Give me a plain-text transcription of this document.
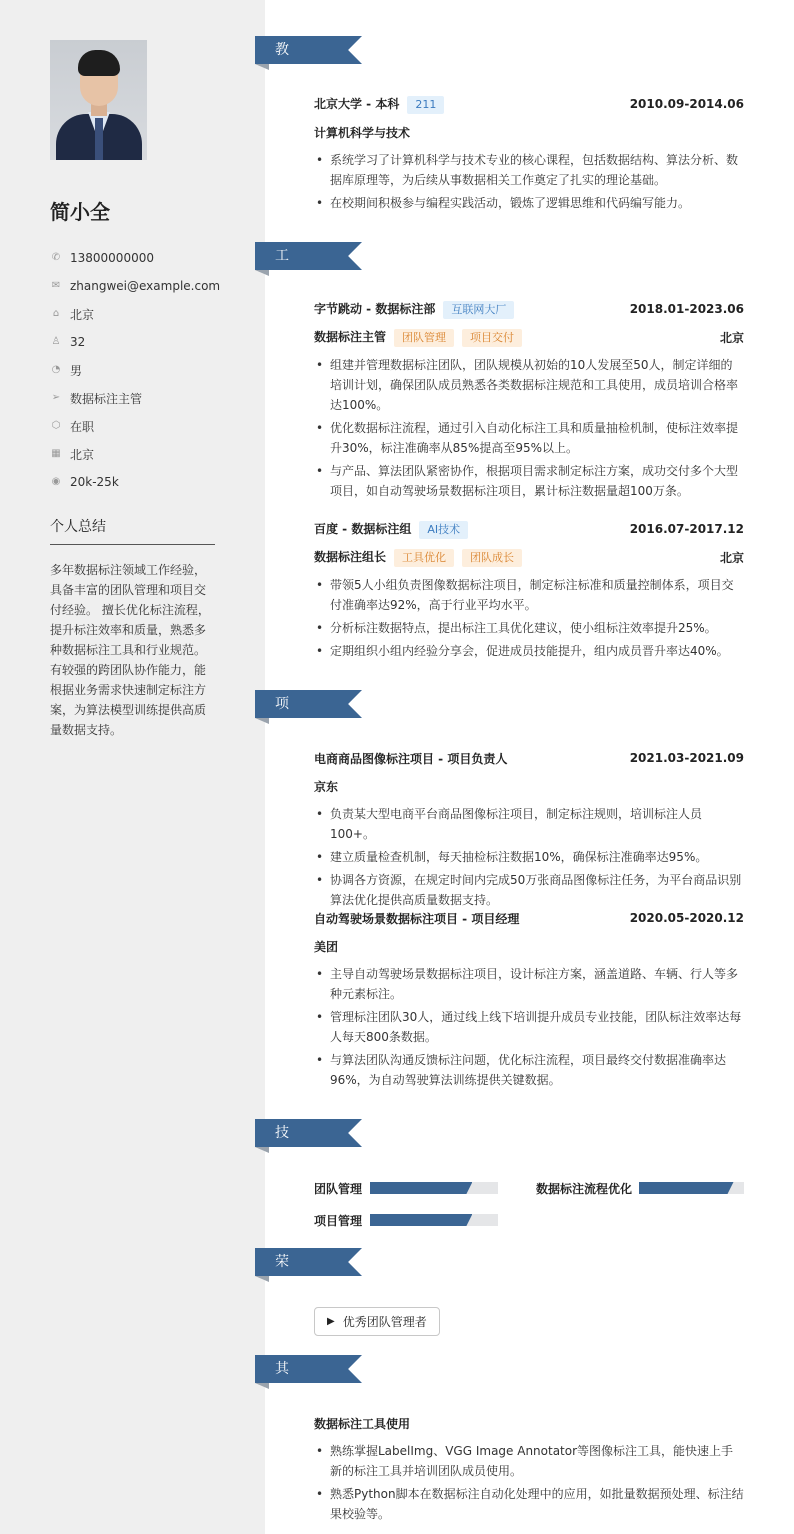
简小全
✆ 13800000000
✉ zhangwei@example.com
⌂ 北京
♙ 32
◔ 男
➢ 数据标注主管
⬡ 在职
▦ 北京
◉ 20k-25k
个人总结
多年数据标注领域工作经验，具备丰富的团队管理和项目交付经验。 擅长优化标注流程，提升标注效率和质量，熟悉多种数据标注工具和行业规范。有较强的跨团队协作能力，能根据业务需求快速制定标注方案，为算法模型训练提供高质量数据支持。
教育经历
北京大学 - 本科 211	2010.09-2014.06
计算机科学与技术
• 系统学习了计算机科学与技术专业的核心课程，包括数据结构、算法分析、数据库原理等，为后续从事数据相关工作奠定了扎实的理论基础。
• 在校期间积极参与编程实践活动，锻炼了逻辑思维和代码编写能力。
工作经历
字节跳动 - 数据标注部 互联网大厂	2018.01-2023.06
数据标注主管 团队管理 项目交付	北京
• 组建并管理数据标注团队，团队规模从初始的10人发展至50人，制定详细的培训计划，确保团队成员熟悉各类数据标注规范和工具使用，成员培训合格率达100%。
• 优化数据标注流程，通过引入自动化标注工具和质量抽检机制，使标注效率提升30%，标注准确率从85%提高至95%以上。
• 与产品、算法团队紧密协作，根据项目需求制定标注方案，成功交付多个大型项目，如自动驾驶场景数据标注项目，累计标注数据量超100万条。
百度 - 数据标注组 AI技术	2016.07-2017.12
数据标注组长 工具优化 团队成长	北京
• 带领5人小组负责图像数据标注项目，制定标注标准和质量控制体系，项目交付准确率达92%，高于行业平均水平。
• 分析标注数据特点，提出标注工具优化建议，使小组标注效率提升25%。
• 定期组织小组内经验分享会，促进成员技能提升，组内成员晋升率达40%。
项目经历
电商商品图像标注项目 - 项目负责人	2021.03-2021.09
京东
• 负责某大型电商平台商品图像标注项目，制定标注规则，培训标注人员100+。
• 建立质量检查机制，每天抽检标注数据10%，确保标注准确率达95%。
• 协调各方资源，在规定时间内完成50万张商品图像标注任务，为平台商品识别算法优化提供高质量数据支持。
自动驾驶场景数据标注项目 - 项目经理	2020.05-2020.12
美团
• 主导自动驾驶场景数据标注项目，设计标注方案，涵盖道路、车辆、行人等多种元素标注。
• 管理标注团队30人，通过线上线下培训提升成员专业技能，团队标注效率达每人每天800条数据。
• 与算法团队沟通反馈标注问题，优化标注流程，项目最终交付数据准确率达96%，为自动驾驶算法训练提供关键数据。
技能专长
团队管理	数据标注流程优化
项目管理
荣誉奖项
▶ 优秀团队管理者
其他信息
数据标注工具使用
• 熟练掌握LabelImg、VGG Image Annotator等图像标注工具，能快速上手新的标注工具并培训团队成员使用。
• 熟悉Python脚本在数据标注自动化处理中的应用，如批量数据预处理、标注结果校验等。
